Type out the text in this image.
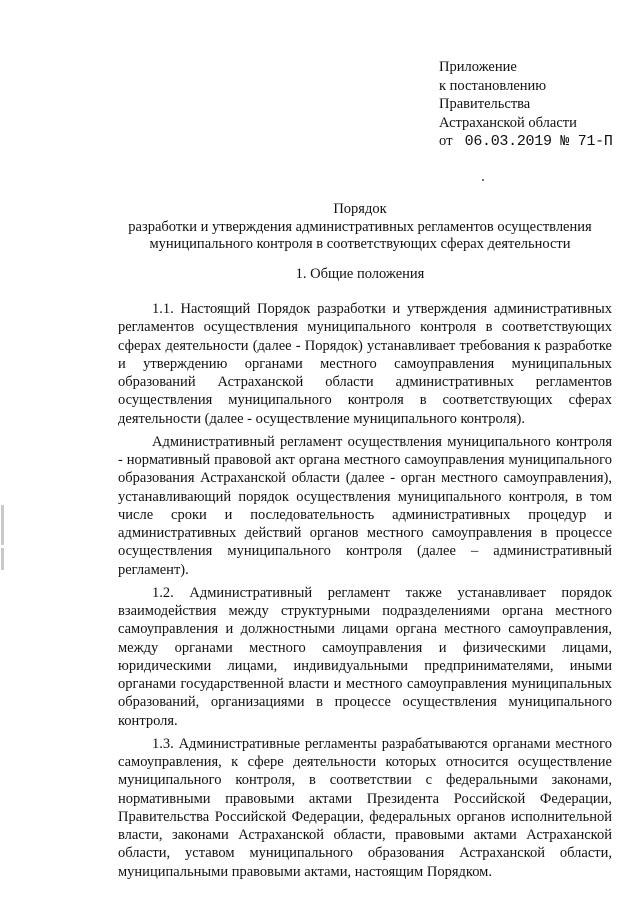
Приложение
к постановлению
Правительства
Астраханской области
от 06.03.2019 № 71-П
Порядок
разработки и утверждения административных регламентов осуществления
муниципального контроля в соответствующих сферах деятельности
1. Общие положения

1.1. Настоящий Порядок разработки и утверждения административных регламентов осуществления муниципального контроля в соответствующих сферах деятельности (далее - Порядок) устанавливает требования к разработке и утверждению органами местного самоуправления муниципальных образований Астраханской области административных регламентов осуществления муниципального контроля в соответствующих сферах деятельности (далее - осуществление муниципального контроля).

Административный регламент осуществления муниципального контроля - нормативный правовой акт органа местного самоуправления муниципального образования Астраханской области (далее - орган местного самоуправления), устанавливающий порядок осуществления муниципального контроля, в том числе сроки и последовательность административных процедур и административных действий органов местного самоуправления в процессе осуществления муниципального контроля (далее – административный регламент).

1.2. Административный регламент также устанавливает порядок взаимодействия между структурными подразделениями органа местного самоуправления и должностными лицами органа местного самоуправления, между органами местного самоуправления и физическими лицами, юридическими лицами, индивидуальными предпринимателями, иными органами государственной власти и местного самоуправления муниципальных образований, организациями в процессе осуществления муниципального контроля.

1.3. Административные регламенты разрабатываются органами местного самоуправления, к сфере деятельности которых относится осуществление муниципального контроля, в соответствии с федеральными законами, нормативными правовыми актами Президента Российской Федерации, Правительства Российской Федерации, федеральных органов исполнительной власти, законами Астраханской области, правовыми актами Астраханской области, уставом муниципального образования Астраханской области, муниципальными правовыми актами, настоящим Порядком.
